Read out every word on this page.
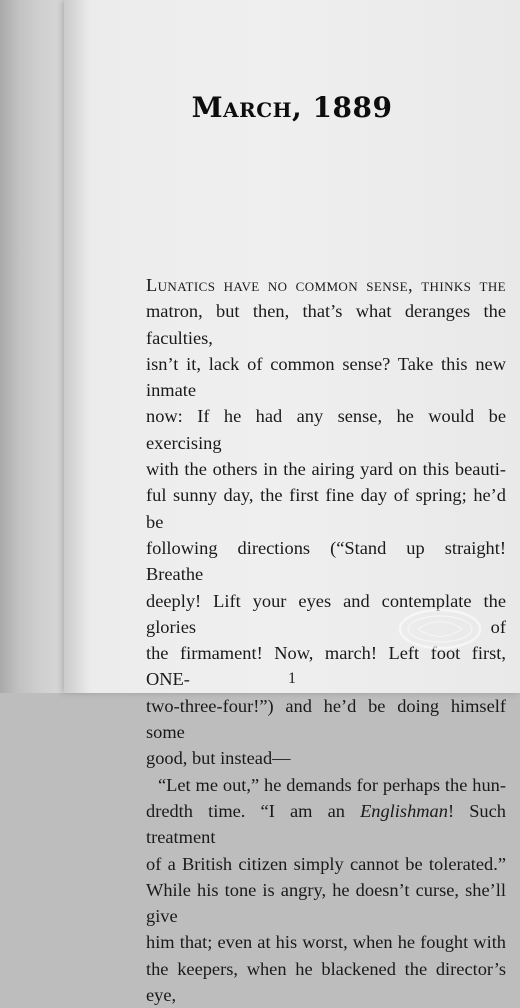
March, 1889

Lunatics have no common sense, thinks the
matron, but then, that’s what deranges the faculties,
isn’t it, lack of common sense? Take this new inmate
now: If he had any sense, he would be exercising
with the others in the airing yard on this beauti-
ful sunny day, the first fine day of spring; he’d be
following directions (“Stand up straight! Breathe
deeply! Lift your eyes and contemplate the glories of
the firmament! Now, march! Left foot first, ONE-
two-three-four!”) and he’d be doing himself some
good, but instead—

“Let me out,” he demands for perhaps the hun-
dredth time. “I am an Englishman! Such treatment
of a British citizen simply cannot be tolerated.”
While his tone is angry, he doesn’t curse, she’ll give
him that; even at his worst, when he fought with
the keepers, when he blackened the director’s eye,

1
